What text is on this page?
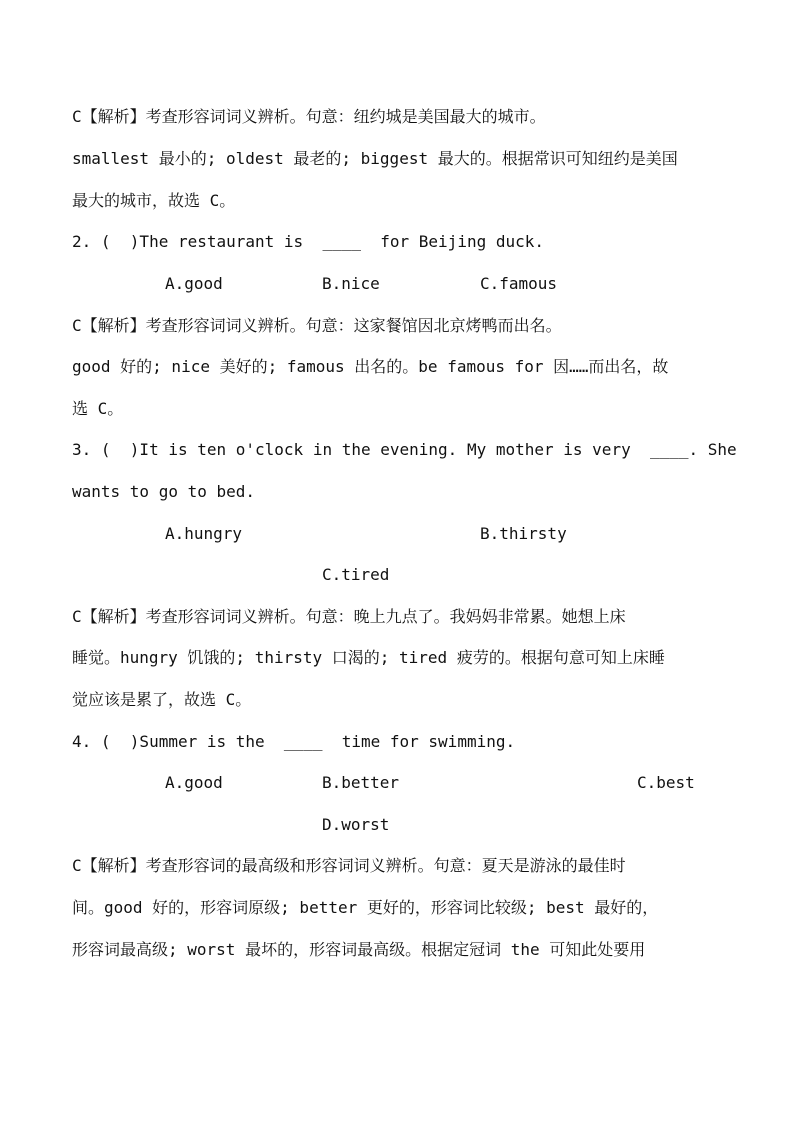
C【解析】考查形容词词义辨析。句意：纽约城是美国最大的城市。
smallest 最小的; oldest 最老的; biggest 最大的。根据常识可知纽约是美国
最大的城市，故选 C。
2. (  )The restaurant is  ____  for Beijing duck.
A.good	B.nice	C.famous
C【解析】考查形容词词义辨析。句意：这家餐馆因北京烤鸭而出名。
good 好的; nice 美好的; famous 出名的。be famous for 因……而出名，故
选 C。
3. (  )It is ten o'clock in the evening. My mother is very  ____. She
wants to go to bed.
A.hungry	B.thirsty
C.tired
C【解析】考查形容词词义辨析。句意：晚上九点了。我妈妈非常累。她想上床
睡觉。hungry 饥饿的; thirsty 口渴的; tired 疲劳的。根据句意可知上床睡
觉应该是累了，故选 C。
4. (  )Summer is the  ____  time for swimming.
A.good	B.better	C.best
D.worst
C【解析】考查形容词的最高级和形容词词义辨析。句意：夏天是游泳的最佳时
间。good 好的，形容词原级; better 更好的，形容词比较级; best 最好的，
形容词最高级; worst 最坏的，形容词最高级。根据定冠词 the 可知此处要用
